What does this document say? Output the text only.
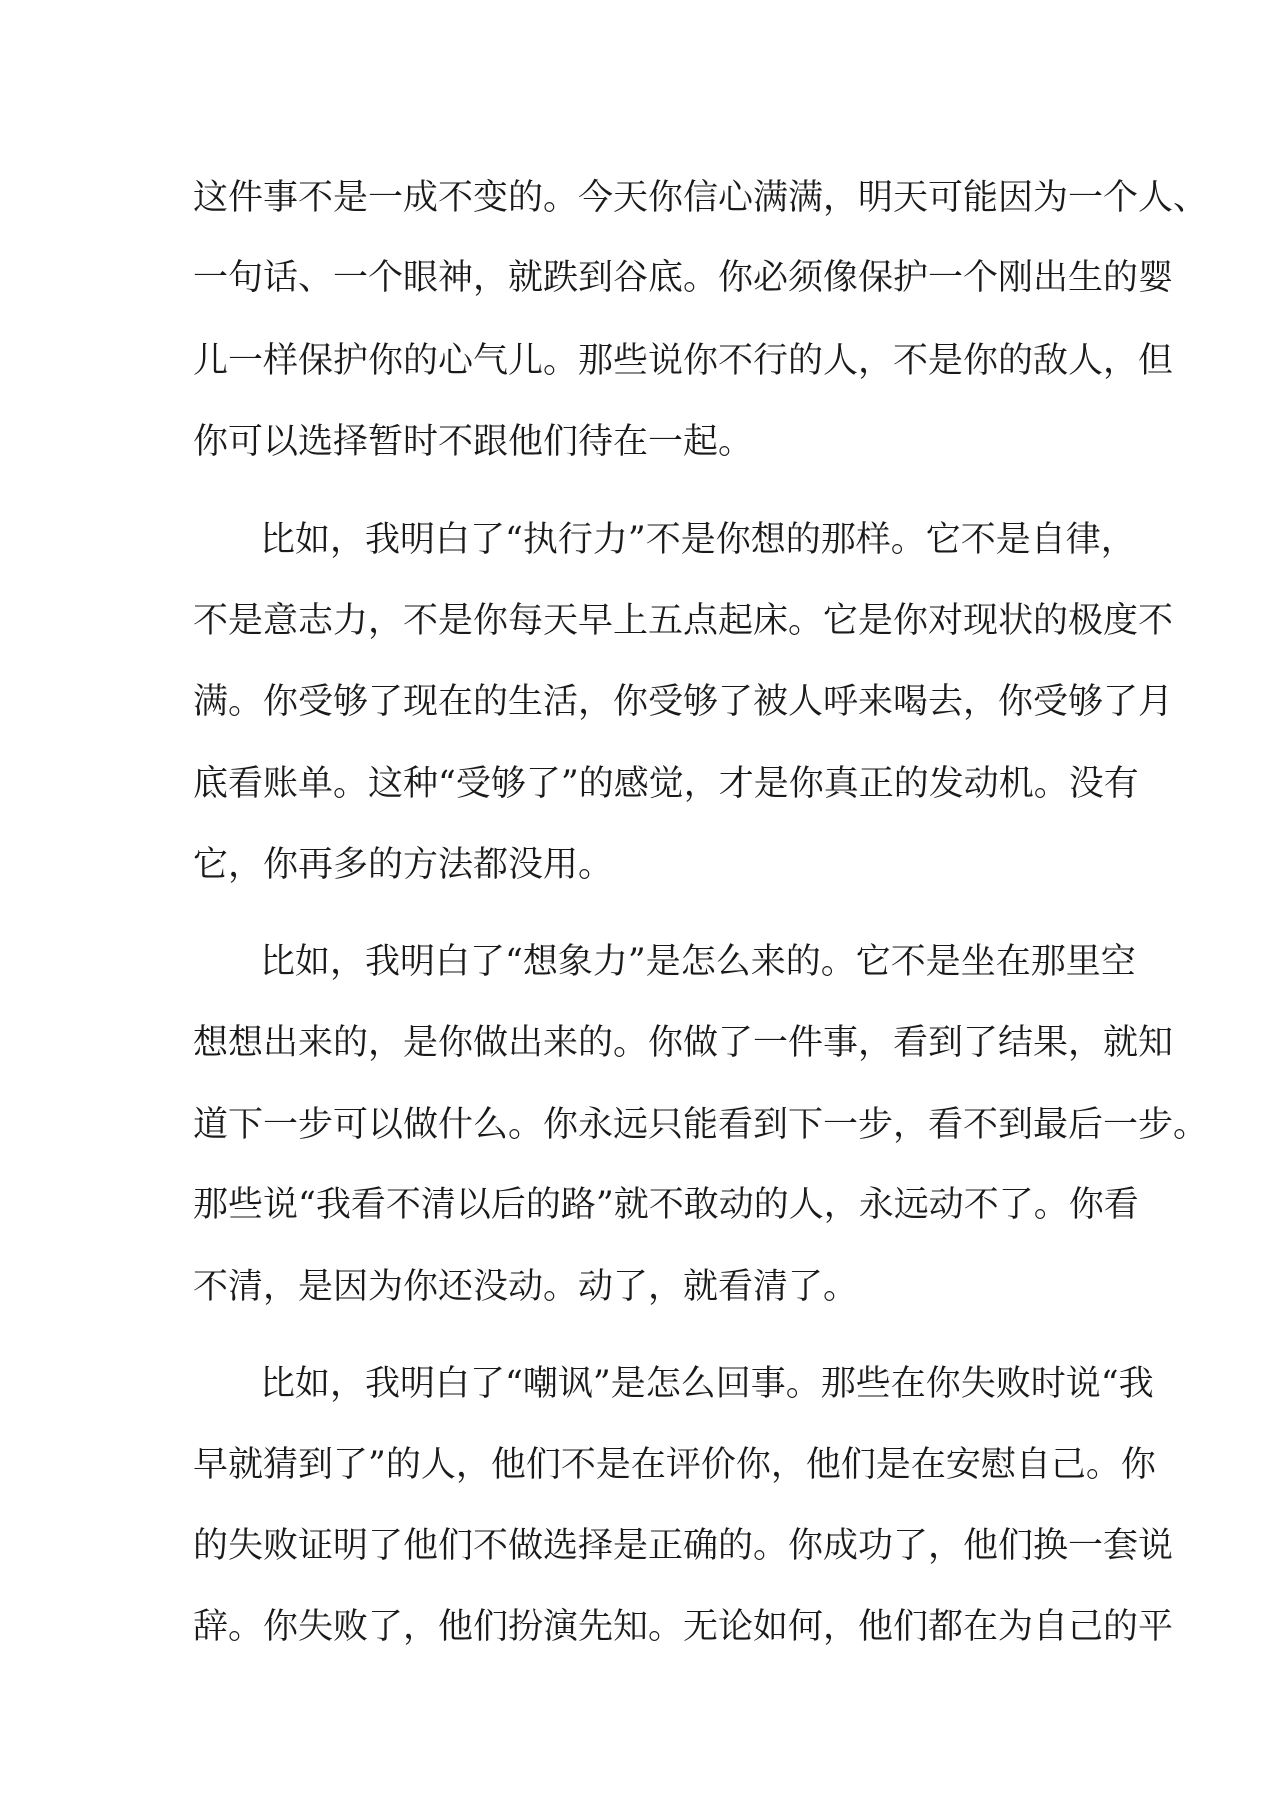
这件事不是一成不变的。今天你信心满满，明天可能因为一个人、
一句话、一个眼神，就跌到谷底。你必须像保护一个刚出生的婴
儿一样保护你的心气儿。那些说你不行的人，不是你的敌人，但
你可以选择暂时不跟他们待在一起。
比如，我明白了“执行力”不是你想的那样。它不是自律，
不是意志力，不是你每天早上五点起床。它是你对现状的极度不
满。你受够了现在的生活，你受够了被人呼来喝去，你受够了月
底看账单。这种“受够了”的感觉，才是你真正的发动机。没有
它，你再多的方法都没用。
比如，我明白了“想象力”是怎么来的。它不是坐在那里空
想想出来的，是你做出来的。你做了一件事，看到了结果，就知
道下一步可以做什么。你永远只能看到下一步，看不到最后一步。
那些说“我看不清以后的路”就不敢动的人，永远动不了。你看
不清，是因为你还没动。动了，就看清了。
比如，我明白了“嘲讽”是怎么回事。那些在你失败时说“我
早就猜到了”的人，他们不是在评价你，他们是在安慰自己。你
的失败证明了他们不做选择是正确的。你成功了，他们换一套说
辞。你失败了，他们扮演先知。无论如何，他们都在为自己的平
